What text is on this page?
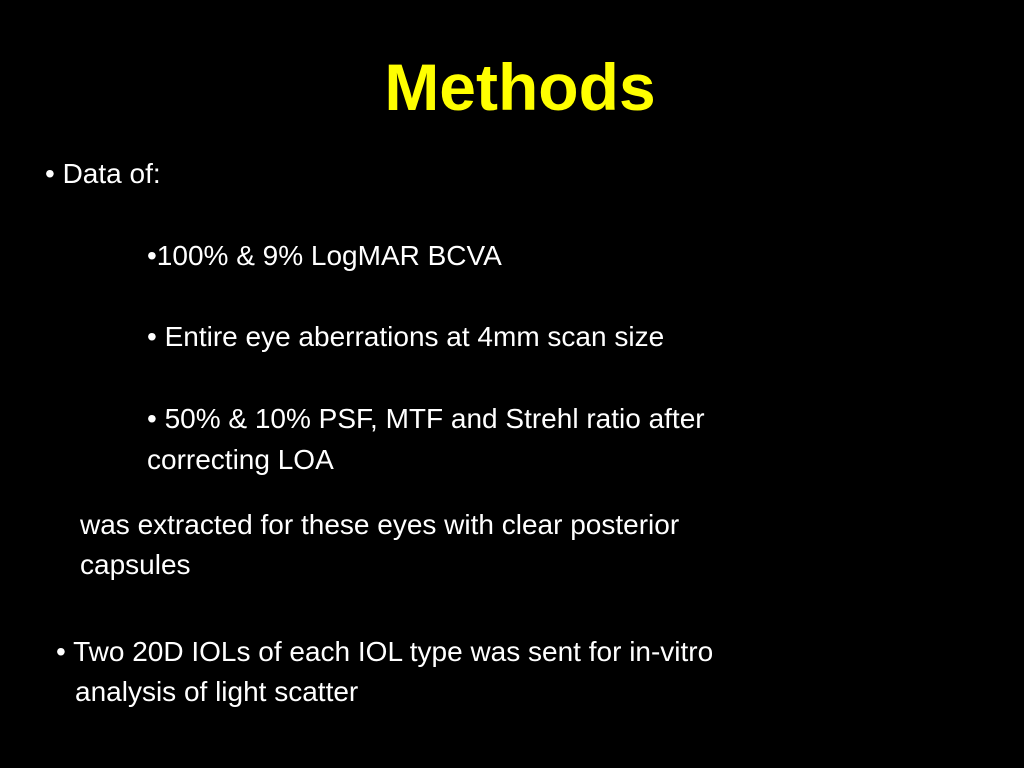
Methods
• Data of:
•100% & 9% LogMAR BCVA
• Entire eye aberrations at 4mm scan size
• 50% & 10% PSF, MTF and Strehl ratio after
correcting LOA
was extracted for these eyes with clear posterior
capsules
• Two 20D IOLs of each IOL type was sent for in-vitro
analysis of light scatter
